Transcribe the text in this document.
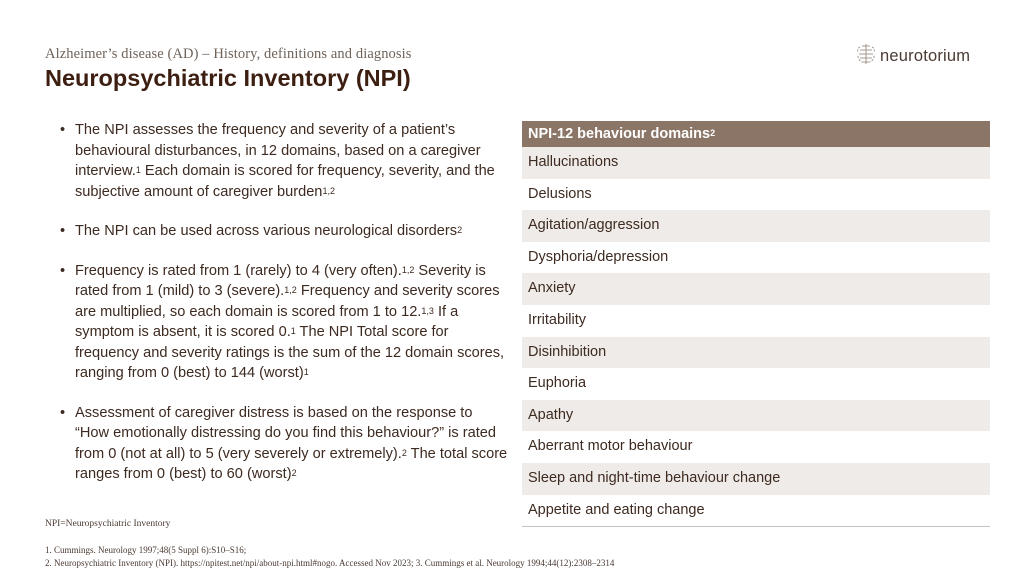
Alzheimer’s disease (AD) – History, definitions and diagnosis
Neuropsychiatric Inventory (NPI)
neurotorium
• The NPI assesses the frequency and severity of a patient’s behavioural disturbances, in 12 domains, based on a caregiver interview.$^1$ Each domain is scored for frequency, severity, and the subjective amount of caregiver burden$^{1,2}$
• The NPI can be used across various neurological disorders$^2$
• Frequency is rated from 1 (rarely) to 4 (very often).$^{1,2}$ Severity is rated from 1 (mild) to 3 (severe).$^{1,2}$ Frequency and severity scores are multiplied, so each domain is scored from 1 to 12.$^{1,3}$ If a symptom is absent, it is scored 0.$^1$ The NPI Total score for frequency and severity ratings is the sum of the 12 domain scores, ranging from 0 (best) to 144 (worst)$^1$
• Assessment of caregiver distress is based on the response to “How emotionally distressing do you find this behaviour?” is rated from 0 (not at all) to 5 (very severely or extremely).$^2$ The total score ranges from 0 (best) to 60 (worst)$^2$
NPI-12 behaviour domains$^2$
Hallucinations
Delusions
Agitation/aggression
Dysphoria/depression
Anxiety
Irritability
Disinhibition
Euphoria
Apathy
Aberrant motor behaviour
Sleep and night-time behaviour change
Appetite and eating change
NPI=Neuropsychiatric Inventory
1. Cummings. Neurology 1997;48(5 Suppl 6):S10–S16;
2. Neuropsychiatric Inventory (NPI). https://npitest.net/npi/about-npi.html#nogo. Accessed Nov 2023; 3. Cummings et al. Neurology 1994;44(12):2308–2314
